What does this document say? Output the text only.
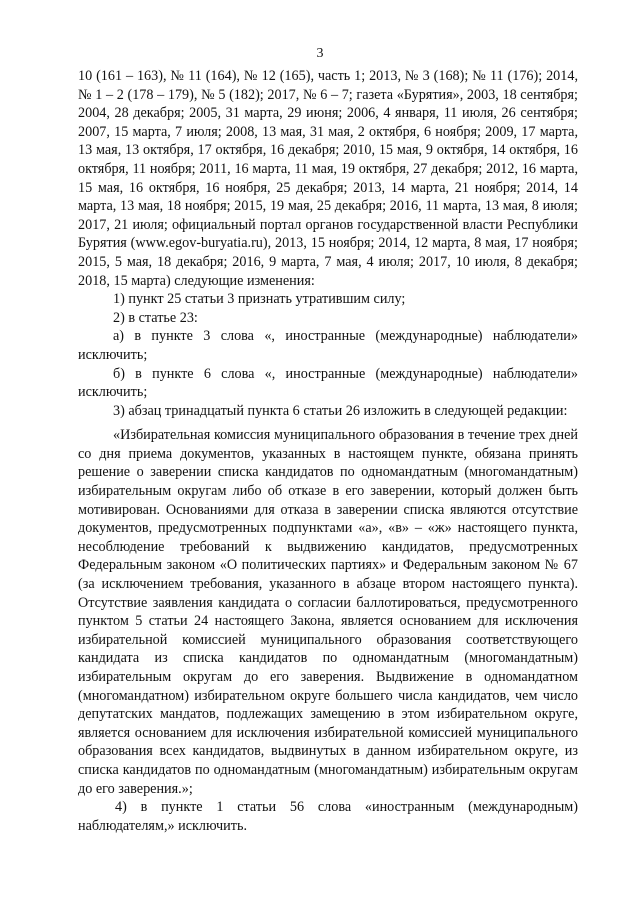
3

10 (161 – 163), № 11 (164), № 12 (165), часть 1; 2013, № 3 (168); № 11 (176); 2014, № 1 – 2 (178 – 179), № 5 (182); 2017, № 6 – 7; газета «Бурятия», 2003, 18 сентября; 2004, 28 декабря; 2005, 31 марта, 29 июня; 2006, 4 января, 11 июля, 26 сентября; 2007, 15 марта, 7 июля; 2008, 13 мая, 31 мая, 2 октября, 6 ноября; 2009, 17 марта, 13 мая, 13 октября, 17 октября, 16 декабря; 2010, 15 мая, 9 октября, 14 октября, 16 октября, 11 ноября; 2011, 16 марта, 11 мая, 19 октября, 27 декабря; 2012, 16 марта, 15 мая, 16 октября, 16 ноября, 25 декабря; 2013, 14 марта, 21 ноября; 2014, 14 марта, 13 мая, 18 ноября; 2015, 19 мая, 25 декабря; 2016, 11 марта, 13 мая, 8 июля; 2017, 21 июля; официальный портал органов государственной власти Республики Бурятия (www.egov-buryatia.ru), 2013, 15 ноября; 2014, 12 марта, 8 мая, 17 ноября; 2015, 5 мая, 18 декабря; 2016, 9 марта, 7 мая, 4 июля; 2017, 10 июля, 8 декабря; 2018, 15 марта) следующие изменения:

1) пункт 25 статьи 3 признать утратившим силу;

2) в статье 23:

а) в пункте 3 слова «, иностранные (международные) наблюдатели» исключить;

б) в пункте 6 слова «, иностранные (международные) наблюдатели» исключить;

3) абзац тринадцатый пункта 6 статьи 26 изложить в следующей редакции:

«Избирательная комиссия муниципального образования в течение трех дней со дня приема документов, указанных в настоящем пункте, обязана принять решение о заверении списка кандидатов по одномандатным (многомандатным) избирательным округам либо об отказе в его заверении, который должен быть мотивирован. Основаниями для отказа в заверении списка являются отсутствие документов, предусмотренных подпунктами «а», «в» – «ж» настоящего пункта, несоблюдение требований к выдвижению кандидатов, предусмотренных Федеральным законом «О политических партиях» и Федеральным законом № 67 (за исключением требования, указанного в абзаце втором настоящего пункта). Отсутствие заявления кандидата о согласии баллотироваться, предусмотренного пунктом 5 статьи 24 настоящего Закона, является основанием для исключения избирательной комиссией муниципального образования соответствующего кандидата из списка кандидатов по одномандатным (многомандатным) избирательным округам до его заверения. Выдвижение в одномандатном (многомандатном) избирательном округе большего числа кандидатов, чем число депутатских мандатов, подлежащих замещению в этом избирательном округе, является основанием для исключения избирательной комиссией муниципального образования всех кандидатов, выдвинутых в данном избирательном округе, из списка кандидатов по одномандатным (многомандатным) избирательным округам до его заверения.»;

4) в пункте 1 статьи 56 слова «иностранным (международным) наблюдателям,» исключить.
